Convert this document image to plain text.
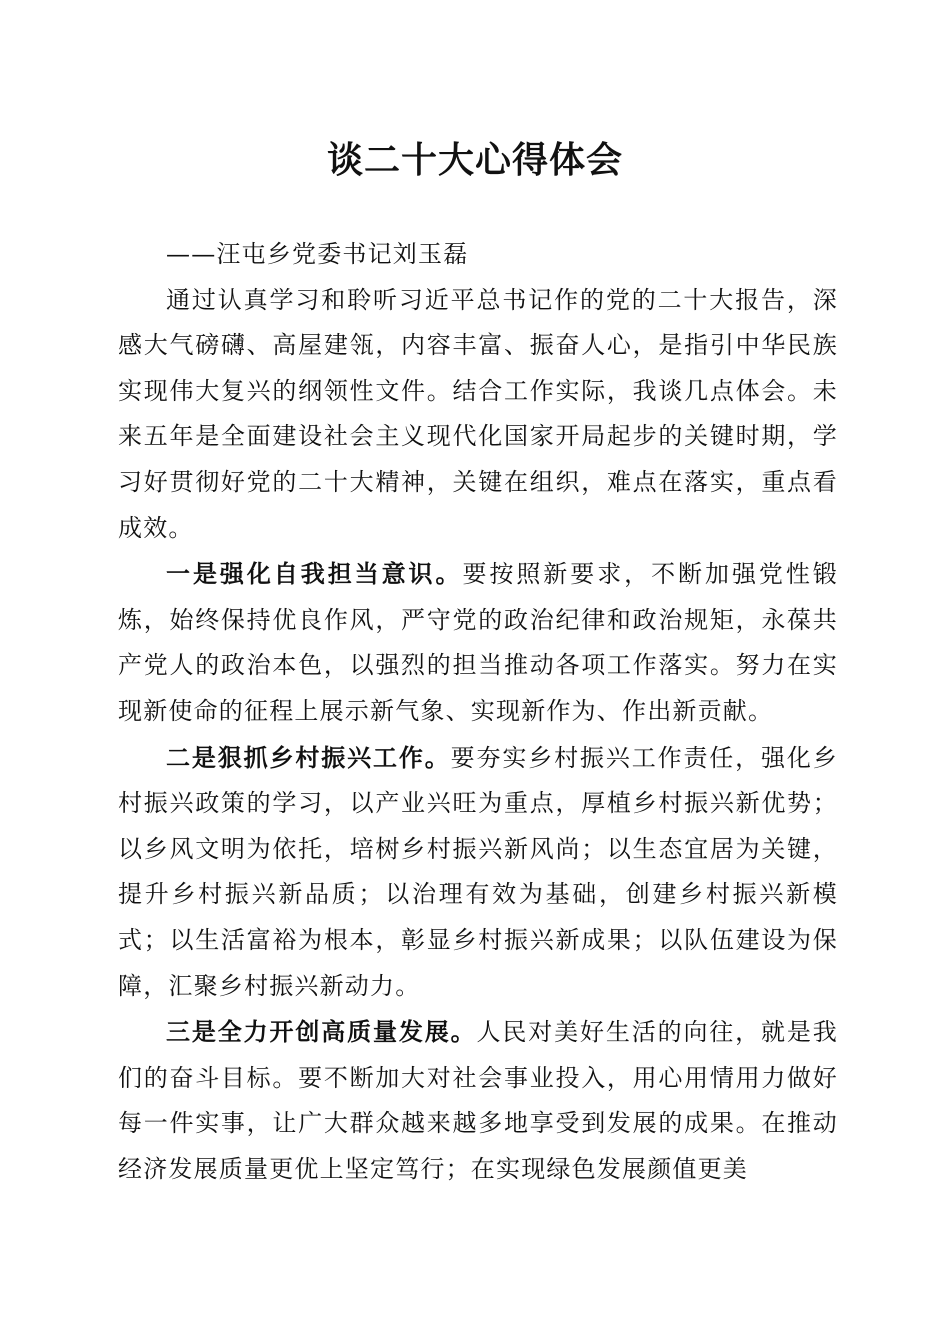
谈二十大心得体会

——汪屯乡党委书记刘玉磊

通过认真学习和聆听习近平总书记作的党的二十大报告，深感大气磅礴、高屋建瓴，内容丰富、振奋人心，是指引中华民族实现伟大复兴的纲领性文件。结合工作实际，我谈几点体会。未来五年是全面建设社会主义现代化国家开局起步的关键时期，学习好贯彻好党的二十大精神，关键在组织，难点在落实，重点看成效。

一是强化自我担当意识。要按照新要求，不断加强党性锻炼，始终保持优良作风，严守党的政治纪律和政治规矩，永葆共产党人的政治本色，以强烈的担当推动各项工作落实。努力在实现新使命的征程上展示新气象、实现新作为、作出新贡献。

二是狠抓乡村振兴工作。要夯实乡村振兴工作责任，强化乡村振兴政策的学习，以产业兴旺为重点，厚植乡村振兴新优势；以乡风文明为依托，培树乡村振兴新风尚；以生态宜居为关键，提升乡村振兴新品质；以治理有效为基础，创建乡村振兴新模式；以生活富裕为根本，彰显乡村振兴新成果；以队伍建设为保障，汇聚乡村振兴新动力。

三是全力开创高质量发展。人民对美好生活的向往，就是我们的奋斗目标。要不断加大对社会事业投入，用心用情用力做好每一件实事，让广大群众越来越多地享受到发展的成果。在推动经济发展质量更优上坚定笃行；在实现绿色发展颜值更美
